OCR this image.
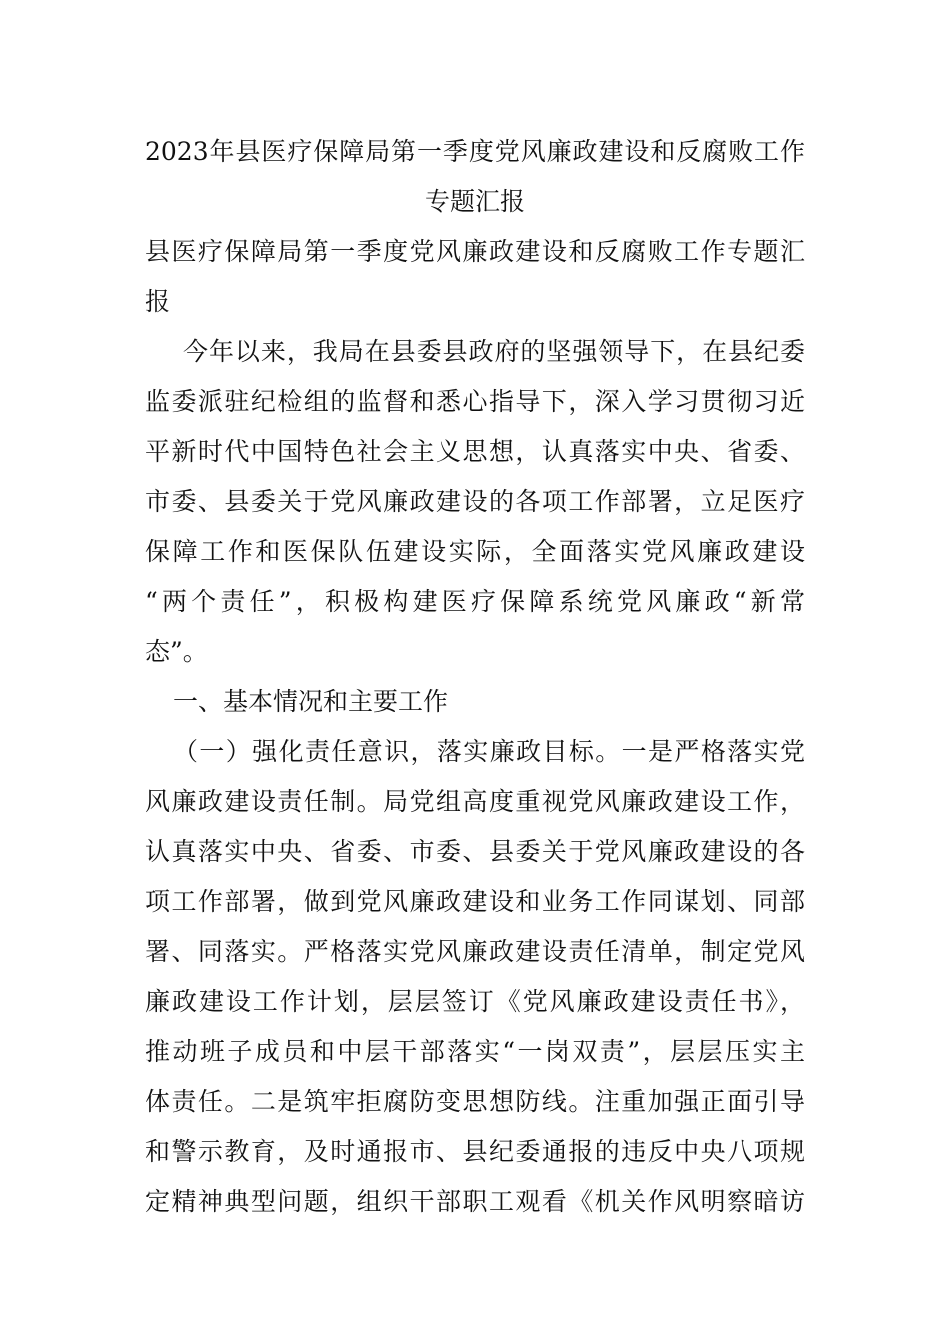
2023年县医疗保障局第一季度党风廉政建设和反腐败工作
专题汇报
县医疗保障局第一季度党风廉政建设和反腐败工作专题汇
报
今年以来，我局在县委县政府的坚强领导下，在县纪委
监委派驻纪检组的监督和悉心指导下，深入学习贯彻习近
平新时代中国特色社会主义思想，认真落实中央、省委、
市委、县委关于党风廉政建设的各项工作部署，立足医疗
保障工作和医保队伍建设实际，全面落实党风廉政建设
“两个责任”，积极构建医疗保障系统党风廉政“新常
态”。
一、基本情况和主要工作
（一）强化责任意识，落实廉政目标。一是严格落实党
风廉政建设责任制。局党组高度重视党风廉政建设工作，
认真落实中央、省委、市委、县委关于党风廉政建设的各
项工作部署，做到党风廉政建设和业务工作同谋划、同部
署、同落实。严格落实党风廉政建设责任清单，制定党风
廉政建设工作计划，层层签订《党风廉政建设责任书》，
推动班子成员和中层干部落实“一岗双责”，层层压实主
体责任。二是筑牢拒腐防变思想防线。注重加强正面引导
和警示教育，及时通报市、县纪委通报的违反中央八项规
定精神典型问题，组织干部职工观看《机关作风明察暗访
